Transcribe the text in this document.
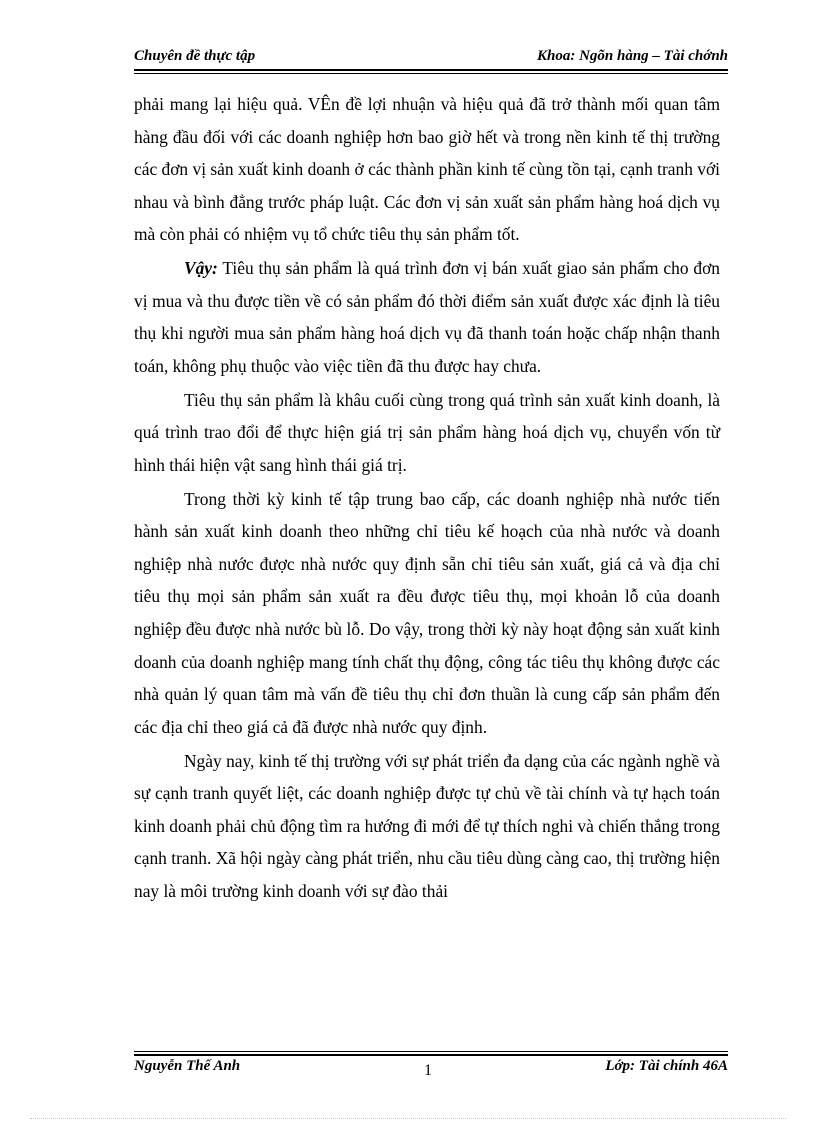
Chuyên đề thực tập	Khoa: Ngõn hàng – Tài chớnh

phải mang lại hiệu quả. VÊn đề lợi nhuận và hiệu quả đã trở thành mối quan tâm hàng đầu đối với các doanh nghiệp hơn bao giờ hết và trong nền kinh tế thị trường các đơn vị sản xuất kinh doanh ở các thành phần kinh tế cùng tồn tại, cạnh tranh với nhau và bình đẳng trước pháp luật. Các đơn vị sản xuất sản phẩm hàng hoá dịch vụ mà còn phải có nhiệm vụ tổ chức tiêu thụ sản phẩm tốt.

Vậy: Tiêu thụ sản phẩm là quá trình đơn vị bán xuất giao sản phẩm cho đơn vị mua và thu được tiền về có sản phẩm đó thời điểm sản xuất được xác định là tiêu thụ khi người mua sản phẩm hàng hoá dịch vụ đã thanh toán hoặc chấp nhận thanh toán, không phụ thuộc vào việc tiền đã thu được hay chưa.

Tiêu thụ sản phẩm là khâu cuối cùng trong quá trình sản xuất kinh doanh, là quá trình trao đổi để thực hiện giá trị sản phẩm hàng hoá dịch vụ, chuyển vốn từ hình thái hiện vật sang hình thái giá trị.

Trong thời kỳ kinh tế tập trung bao cấp, các doanh nghiệp nhà nước tiến hành sản xuất kinh doanh theo những chỉ tiêu kế hoạch của nhà nước và doanh nghiệp nhà nước được nhà nước quy định sẵn chỉ tiêu sản xuất, giá cả và địa chỉ tiêu thụ mọi sản phẩm sản xuất ra đều được tiêu thụ, mọi khoản lỗ của doanh nghiệp đều được nhà nước bù lỗ. Do vậy, trong thời kỳ này hoạt động sản xuất kinh doanh của doanh nghiệp mang tính chất thụ động, công tác tiêu thụ không được các nhà quản lý quan tâm mà vấn đề tiêu thụ chỉ đơn thuần là cung cấp sản phẩm đến các địa chỉ theo giá cả đã được nhà nước quy định.

Ngày nay, kinh tế thị trường với sự phát triển đa dạng của các ngành nghề và sự cạnh tranh quyết liệt, các doanh nghiệp được tự chủ về tài chính và tự hạch toán kinh doanh phải chủ động tìm ra hướng đi mới để tự thích nghi và chiến thắng trong cạnh tranh. Xã hội ngày càng phát triển, nhu cầu tiêu dùng càng cao, thị trường hiện nay là môi trường kinh doanh với sự đào thải

Nguyễn Thế Anh	1	Lớp: Tài chính 46A
